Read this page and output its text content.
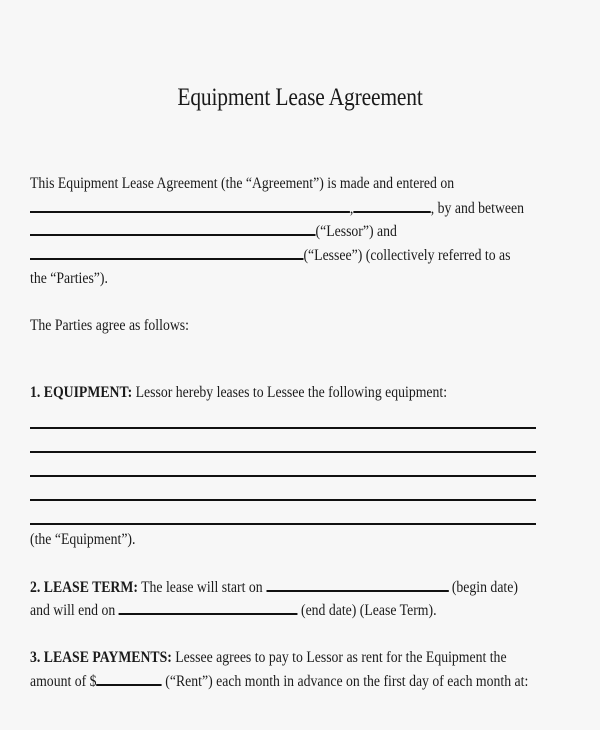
Equipment Lease Agreement
This Equipment Lease Agreement (the “Agreement”) is made and entered on
,	, by and between
(“Lessor”) and
(“Lessee”) (collectively referred to as
the “Parties”).
The Parties agree as follows:
1. EQUIPMENT: Lessor hereby leases to Lessee the following equipment:
(the “Equipment”).
2. LEASE TERM: The lease will start on	(begin date)
and will end on	(end date) (Lease Term).
3. LEASE PAYMENTS: Lessee agrees to pay to Lessor as rent for the Equipment the
amount of $	(“Rent”) each month in advance on the first day of each month at:
